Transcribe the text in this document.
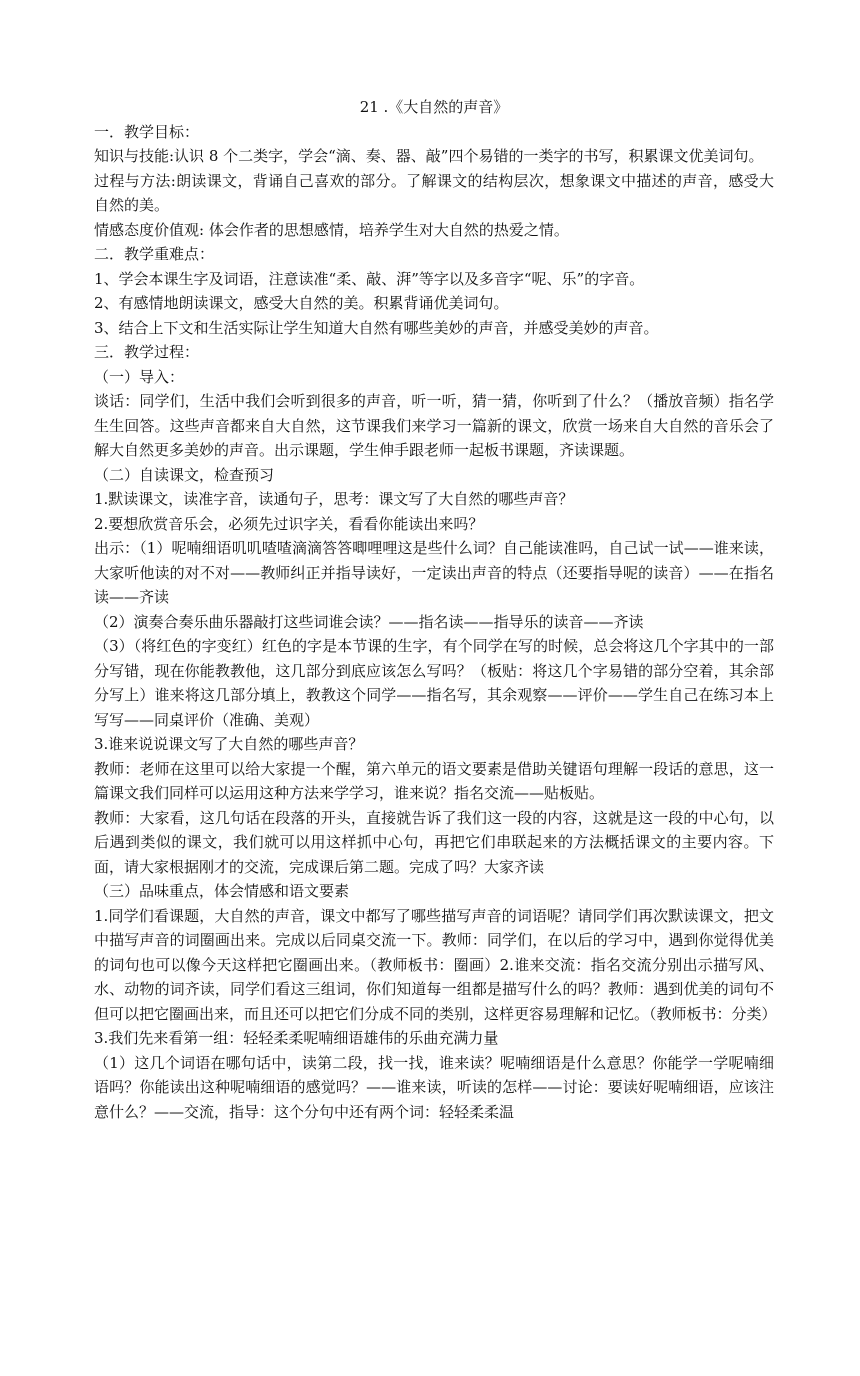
21 .《大自然的声音》

一．教学目标：

知识与技能:认识 8 个二类字，学会“滴、奏、器、敲”四个易错的一类字的书写，积累课文优美词句。

过程与方法:朗读课文，背诵自己喜欢的部分。了解课文的结构层次，想象课文中描述的声音，感受大自然的美。

情感态度价值观: 体会作者的思想感情，培养学生对大自然的热爱之情。

二．教学重难点：

1、学会本课生字及词语，注意读准“柔、敲、湃”等字以及多音字“呢、乐”的字音。

2、有感情地朗读课文，感受大自然的美。积累背诵优美词句。

3、结合上下文和生活实际让学生知道大自然有哪些美妙的声音，并感受美妙的声音。

三．教学过程：

（一）导入：

谈话：同学们，生活中我们会听到很多的声音，听一听，猜一猜，你听到了什么？（播放音频）指名学生生回答。这些声音都来自大自然，这节课我们来学习一篇新的课文，欣赏一场来自大自然的音乐会了解大自然更多美妙的声音。出示课题，学生伸手跟老师一起板书课题，齐读课题。

（二）自读课文，检查预习

1.默读课文，读准字音，读通句子，思考：课文写了大自然的哪些声音？

2.要想欣赏音乐会，必须先过识字关，看看你能读出来吗？

出示：（1）呢喃细语叽叽喳喳滴滴答答唧哩哩这是些什么词？自己能读准吗，自己试一试——谁来读，大家听他读的对不对——教师纠正并指导读好，一定读出声音的特点（还要指导呢的读音）——在指名读——齐读

（2）演奏合奏乐曲乐器敲打这些词谁会读？——指名读——指导乐的读音——齐读

（3）（将红色的字变红）红色的字是本节课的生字，有个同学在写的时候，总会将这几个字其中的一部分写错，现在你能教教他，这几部分到底应该怎么写吗？（板贴：将这几个字易错的部分空着，其余部分写上）谁来将这几部分填上，教教这个同学——指名写，其余观察——评价——学生自己在练习本上写写——同桌评价（准确、美观）

3.谁来说说课文写了大自然的哪些声音？

教师：老师在这里可以给大家提一个醒，第六单元的语文要素是借助关键语句理解一段话的意思，这一篇课文我们同样可以运用这种方法来学学习，谁来说？指名交流——贴板贴。

教师：大家看，这几句话在段落的开头，直接就告诉了我们这一段的内容，这就是这一段的中心句，以后遇到类似的课文，我们就可以用这样抓中心句，再把它们串联起来的方法概括课文的主要内容。下面，请大家根据刚才的交流，完成课后第二题。完成了吗？大家齐读

（三）品味重点，体会情感和语文要素

1.同学们看课题，大自然的声音，课文中都写了哪些描写声音的词语呢？请同学们再次默读课文，把文中描写声音的词圈画出来。完成以后同桌交流一下。教师：同学们，在以后的学习中，遇到你觉得优美的词句也可以像今天这样把它圈画出来。（教师板书：圈画）2.谁来交流：指名交流分别出示描写风、水、动物的词齐读，同学们看这三组词，你们知道每一组都是描写什么的吗？教师：遇到优美的词句不但可以把它圈画出来，而且还可以把它们分成不同的类别，这样更容易理解和记忆。（教师板书：分类）

3.我们先来看第一组：轻轻柔柔呢喃细语雄伟的乐曲充满力量

（1）这几个词语在哪句话中，读第二段，找一找，谁来读？呢喃细语是什么意思？你能学一学呢喃细语吗？你能读出这种呢喃细语的感觉吗？——谁来读，听读的怎样——讨论：要读好呢喃细语，应该注意什么？——交流，指导：这个分句中还有两个词：轻轻柔柔温
